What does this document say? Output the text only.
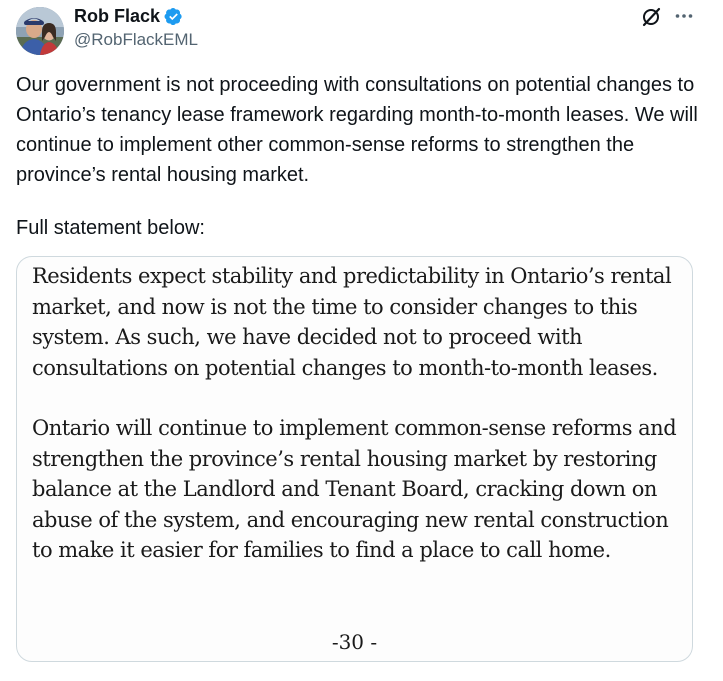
Rob Flack
@RobFlackEML

Our government is not proceeding with consultations on potential changes to Ontario’s tenancy lease framework regarding month-to-month leases. We will continue to implement other common-sense reforms to strengthen the province’s rental housing market.

Full statement below:

Residents expect stability and predictability in Ontario’s rental market, and now is not the time to consider changes to this system. As such, we have decided not to proceed with consultations on potential changes to month-to-month leases.

Ontario will continue to implement common-sense reforms and strengthen the province’s rental housing market by restoring balance at the Landlord and Tenant Board, cracking down on abuse of the system, and encouraging new rental construction to make it easier for families to find a place to call home.

-30 -
